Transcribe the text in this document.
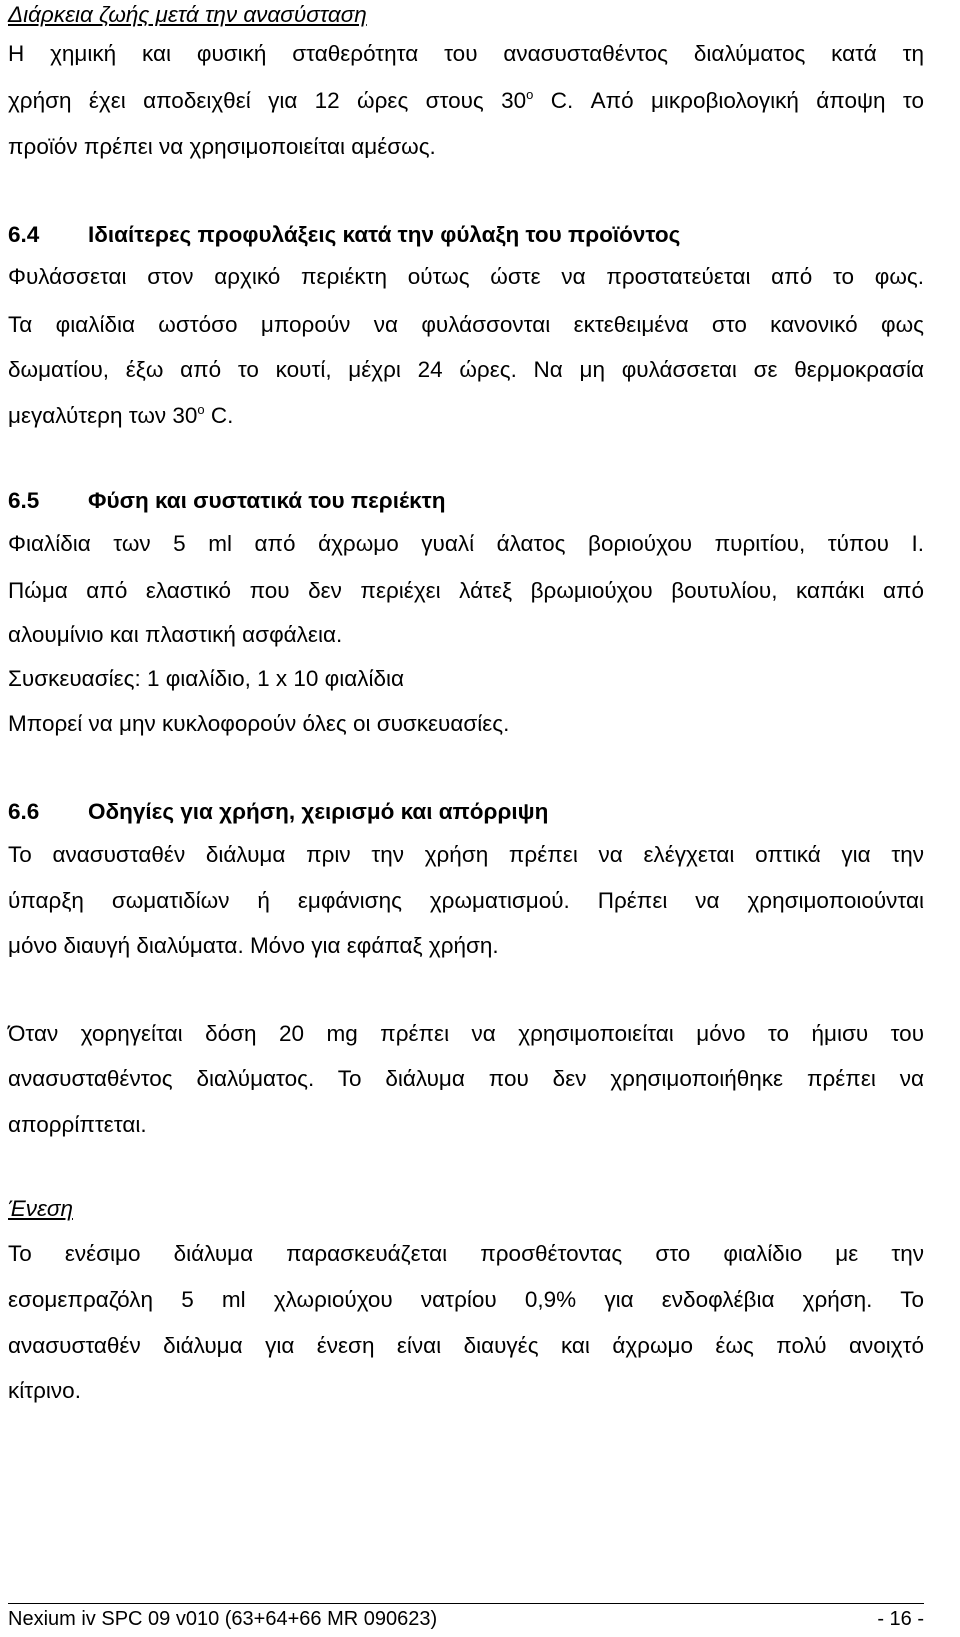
Διάρκεια ζωής μετά την ανασύσταση
Η χημική και φυσική σταθερότητα του ανασυσταθέντος διαλύματος κατά τη
χρήση έχει αποδειχθεί για 12 ώρες στους $30^o$ C. Από μικροβιολογική άποψη το
προϊόν πρέπει να χρησιμοποιείται αμέσως.
6.4 Ιδιαίτερες προφυλάξεις κατά την φύλαξη του προϊόντος
Φυλάσσεται στον αρχικό περιέκτη ούτως ώστε να προστατεύεται από το φως.
Τα φιαλίδια ωστόσο μπορούν να φυλάσσονται εκτεθειμένα στο κανονικό φως
δωματίου, έξω από το κουτί, μέχρι 24 ώρες. Να μη φυλάσσεται σε θερμοκρασία
μεγαλύτερη των $30^o$ C.
6.5 Φύση και συστατικά του περιέκτη
Φιαλίδια των 5 ml από άχρωμο γυαλί άλατος βοριούχου πυριτίου, τύπου Ι.
Πώμα από ελαστικό που δεν περιέχει λάτεξ βρωμιούχου βουτυλίου, καπάκι από
αλουμίνιο και πλαστική ασφάλεια.
Συσκευασίες: 1 φιαλίδιο, 1 x 10 φιαλίδια
Μπορεί να μην κυκλοφορούν όλες οι συσκευασίες.
6.6 Οδηγίες για χρήση, χειρισμό και απόρριψη
Το ανασυσταθέν διάλυμα πριν την χρήση πρέπει να ελέγχεται οπτικά για την
ύπαρξη σωματιδίων ή εμφάνισης χρωματισμού. Πρέπει να χρησιμοποιούνται
μόνο διαυγή διαλύματα. Μόνο για εφάπαξ χρήση.
Όταν χορηγείται δόση 20 mg πρέπει να χρησιμοποιείται μόνο το ήμισυ του
ανασυσταθέντος διαλύματος. Το διάλυμα που δεν χρησιμοποιήθηκε πρέπει να
απορρίπτεται.
Ένεση
Το ενέσιμο διάλυμα παρασκευάζεται προσθέτοντας στο φιαλίδιο με την
εσομεπραζόλη 5 ml χλωριούχου νατρίου 0,9% για ενδοφλέβια χρήση. Το
ανασυσταθέν διάλυμα για ένεση είναι διαυγές και άχρωμο έως πολύ ανοιχτό
κίτρινο.
Nexium iv SPC 09 v010 (63+64+66 MR 090623)	- 16 -
